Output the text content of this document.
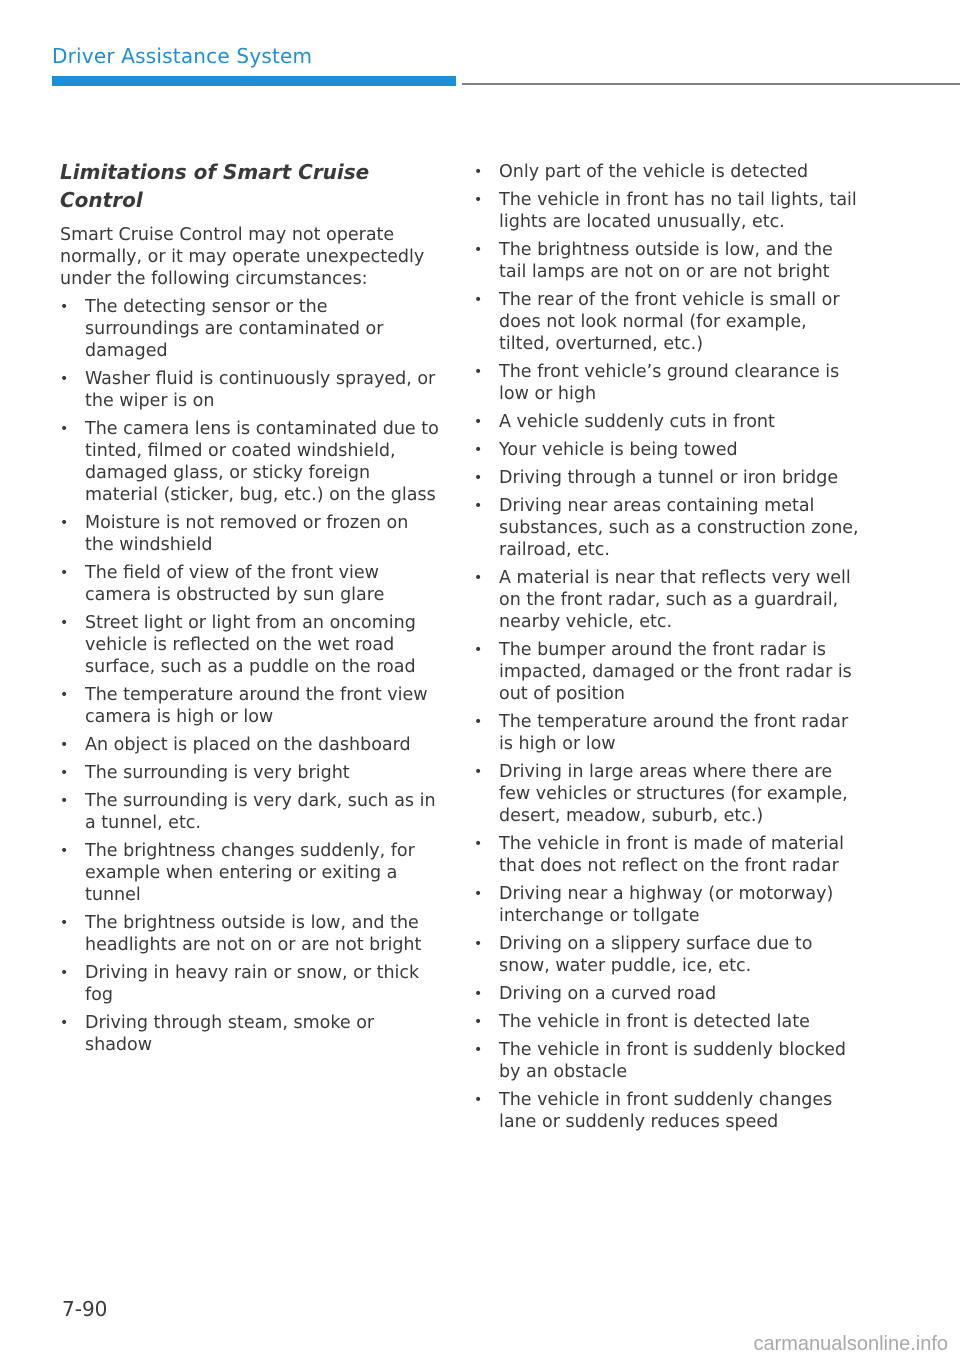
Driver Assistance System
Limitations of Smart Cruise Control

Smart Cruise Control may not operate normally, or it may operate unexpectedly under the following circumstances:

• The detecting sensor or the surroundings are contaminated or damaged
• Washer fluid is continuously sprayed, or the wiper is on
• The camera lens is contaminated due to tinted, filmed or coated windshield, damaged glass, or sticky foreign material (sticker, bug, etc.) on the glass
• Moisture is not removed or frozen on the windshield
• The field of view of the front view camera is obstructed by sun glare
• Street light or light from an oncoming vehicle is reflected on the wet road surface, such as a puddle on the road
• The temperature around the front view camera is high or low
• An object is placed on the dashboard
• The surrounding is very bright
• The surrounding is very dark, such as in a tunnel, etc.
• The brightness changes suddenly, for example when entering or exiting a tunnel
• The brightness outside is low, and the headlights are not on or are not bright
• Driving in heavy rain or snow, or thick fog
• Driving through steam, smoke or shadow
• Only part of the vehicle is detected
• The vehicle in front has no tail lights, tail lights are located unusually, etc.
• The brightness outside is low, and the tail lamps are not on or are not bright
• The rear of the front vehicle is small or does not look normal (for example, tilted, overturned, etc.)
• The front vehicle’s ground clearance is low or high
• A vehicle suddenly cuts in front
• Your vehicle is being towed
• Driving through a tunnel or iron bridge
• Driving near areas containing metal substances, such as a construction zone, railroad, etc.
• A material is near that reflects very well on the front radar, such as a guardrail, nearby vehicle, etc.
• The bumper around the front radar is impacted, damaged or the front radar is out of position
• The temperature around the front radar is high or low
• Driving in large areas where there are few vehicles or structures (for example, desert, meadow, suburb, etc.)
• The vehicle in front is made of material that does not reflect on the front radar
• Driving near a highway (or motorway) interchange or tollgate
• Driving on a slippery surface due to snow, water puddle, ice, etc.
• Driving on a curved road
• The vehicle in front is detected late
• The vehicle in front is suddenly blocked by an obstacle
• The vehicle in front suddenly changes lane or suddenly reduces speed
7-90
carmanualsonline.info
